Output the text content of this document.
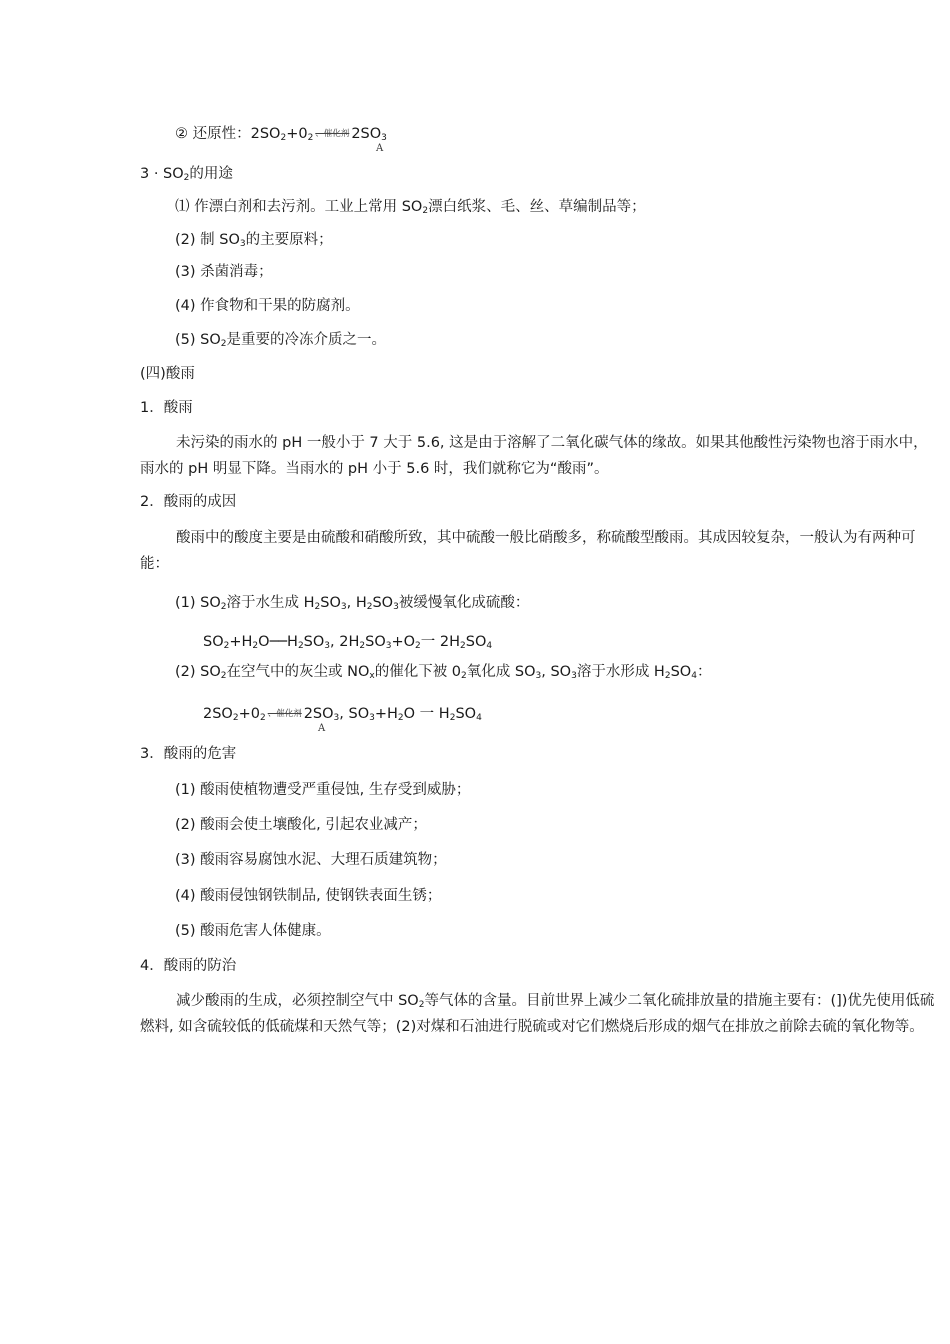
② 还原性：$2SO_2+0_2$ 、催化剂 $2SO_3$
A
$3 \cdot SO_2$的用途
⑴ 作漂白剂和去污剂。工业上常用 $SO_2$漂白纸浆、毛、丝、草编制品等；
(2) 制 $SO_3$的主要原料；
(3) 杀菌消毒；
(4) 作食物和干果的防腐剂。
(5) $SO_2$是重要的冷冻介质之一。
(四)酸雨
1．酸雨
未污染的雨水的 pH 一般小于 7 大于 5.6, 这是由于溶解了二氧化碳气体的缘故。如果其他酸性污染物也溶于雨水中，雨水的 pH 明显下降。当雨水的 pH 小于 5.6 时，我们就称它为“酸雨”。
2．酸雨的成因
酸雨中的酸度主要是由硫酸和硝酸所致，其中硫酸一般比硝酸多，称硫酸型酸雨。其成因较复杂，一般认为有两种可能：
(1) $SO_2$溶于水生成 $H_2SO_3$, $H_2SO_3$被缓慢氧化成硫酸：
$SO_2+H_2O──H_2SO_3$, $2H_2SO_3+O_2$一 $2H_2SO_4$
(2) $SO_2$在空气中的灰尘或 $NO_x$的催化下被 $0_2$氧化成 $SO_3$, $SO_3$溶于水形成 $H_2SO_4$：
$2SO_2+0_2$ 、催化剂 $2SO_3$, $SO_3+H_2O$ 一 $H_2SO_4$
A
3．酸雨的危害
(1) 酸雨使植物遭受严重侵蚀, 生存受到威胁；
(2) 酸雨会使土壤酸化, 引起农业减产；
(3) 酸雨容易腐蚀水泥、大理石质建筑物；
(4) 酸雨侵蚀钢铁制品, 使钢铁表面生锈；
(5) 酸雨危害人体健康。
4．酸雨的防治
减少酸雨的生成，必须控制空气中 $SO_2$等气体的含量。目前世界上减少二氧化硫排放量的措施主要有：(])优先使用低硫燃料, 如含硫较低的低硫煤和天然气等；(2)对煤和石油进行脱硫或对它们燃烧后形成的烟气在排放之前除去硫的氧化物等。
